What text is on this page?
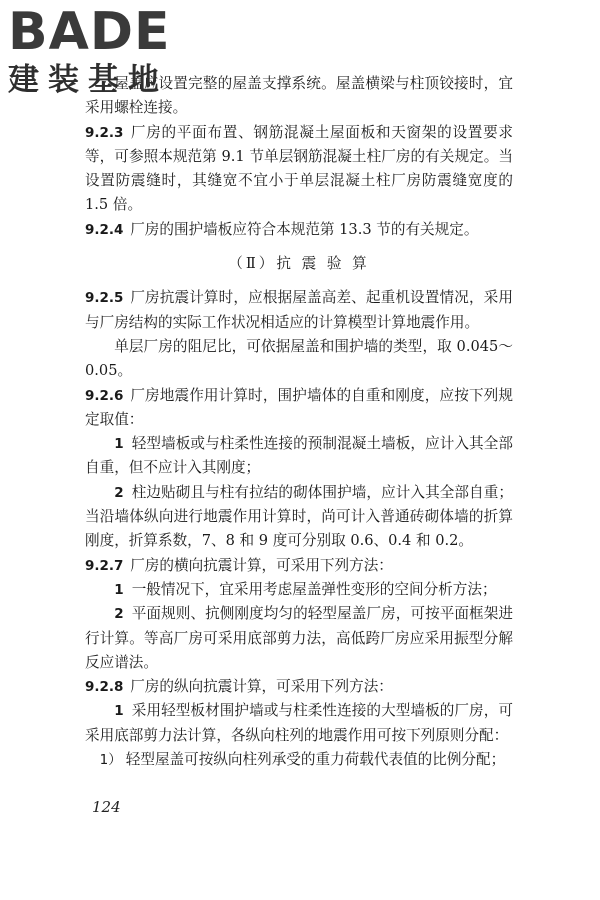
BADE
建装基地

屋盖应设置完整的屋盖支撑系统。屋盖横梁与柱顶铰接时，宜采用螺栓连接。

9.2.3 厂房的平面布置、钢筋混凝土屋面板和天窗架的设置要求等，可参照本规范第 9.1 节单层钢筋混凝土柱厂房的有关规定。当设置防震缝时，其缝宽不宜小于单层混凝土柱厂房防震缝宽度的 1.5 倍。

9.2.4 厂房的围护墙板应符合本规范第 13.3 节的有关规定。

（Ⅱ）抗 震 验 算

9.2.5 厂房抗震计算时，应根据屋盖高差、起重机设置情况，采用与厂房结构的实际工作状况相适应的计算模型计算地震作用。

单层厂房的阻尼比，可依据屋盖和围护墙的类型，取 0.045～0.05。

9.2.6 厂房地震作用计算时，围护墙体的自重和刚度，应按下列规定取值：

1 轻型墙板或与柱柔性连接的预制混凝土墙板，应计入其全部自重，但不应计入其刚度；

2 柱边贴砌且与柱有拉结的砌体围护墙，应计入其全部自重；当沿墙体纵向进行地震作用计算时，尚可计入普通砖砌体墙的折算刚度，折算系数，7、8 和 9 度可分别取 0.6、0.4 和 0.2。

9.2.7 厂房的横向抗震计算，可采用下列方法：

1 一般情况下，宜采用考虑屋盖弹性变形的空间分析方法；

2 平面规则、抗侧刚度均匀的轻型屋盖厂房，可按平面框架进行计算。等高厂房可采用底部剪力法，高低跨厂房应采用振型分解反应谱法。

9.2.8 厂房的纵向抗震计算，可采用下列方法：

1 采用轻型板材围护墙或与柱柔性连接的大型墙板的厂房，可采用底部剪力法计算，各纵向柱列的地震作用可按下列原则分配：

1） 轻型屋盖可按纵向柱列承受的重力荷载代表值的比例分配；

124
